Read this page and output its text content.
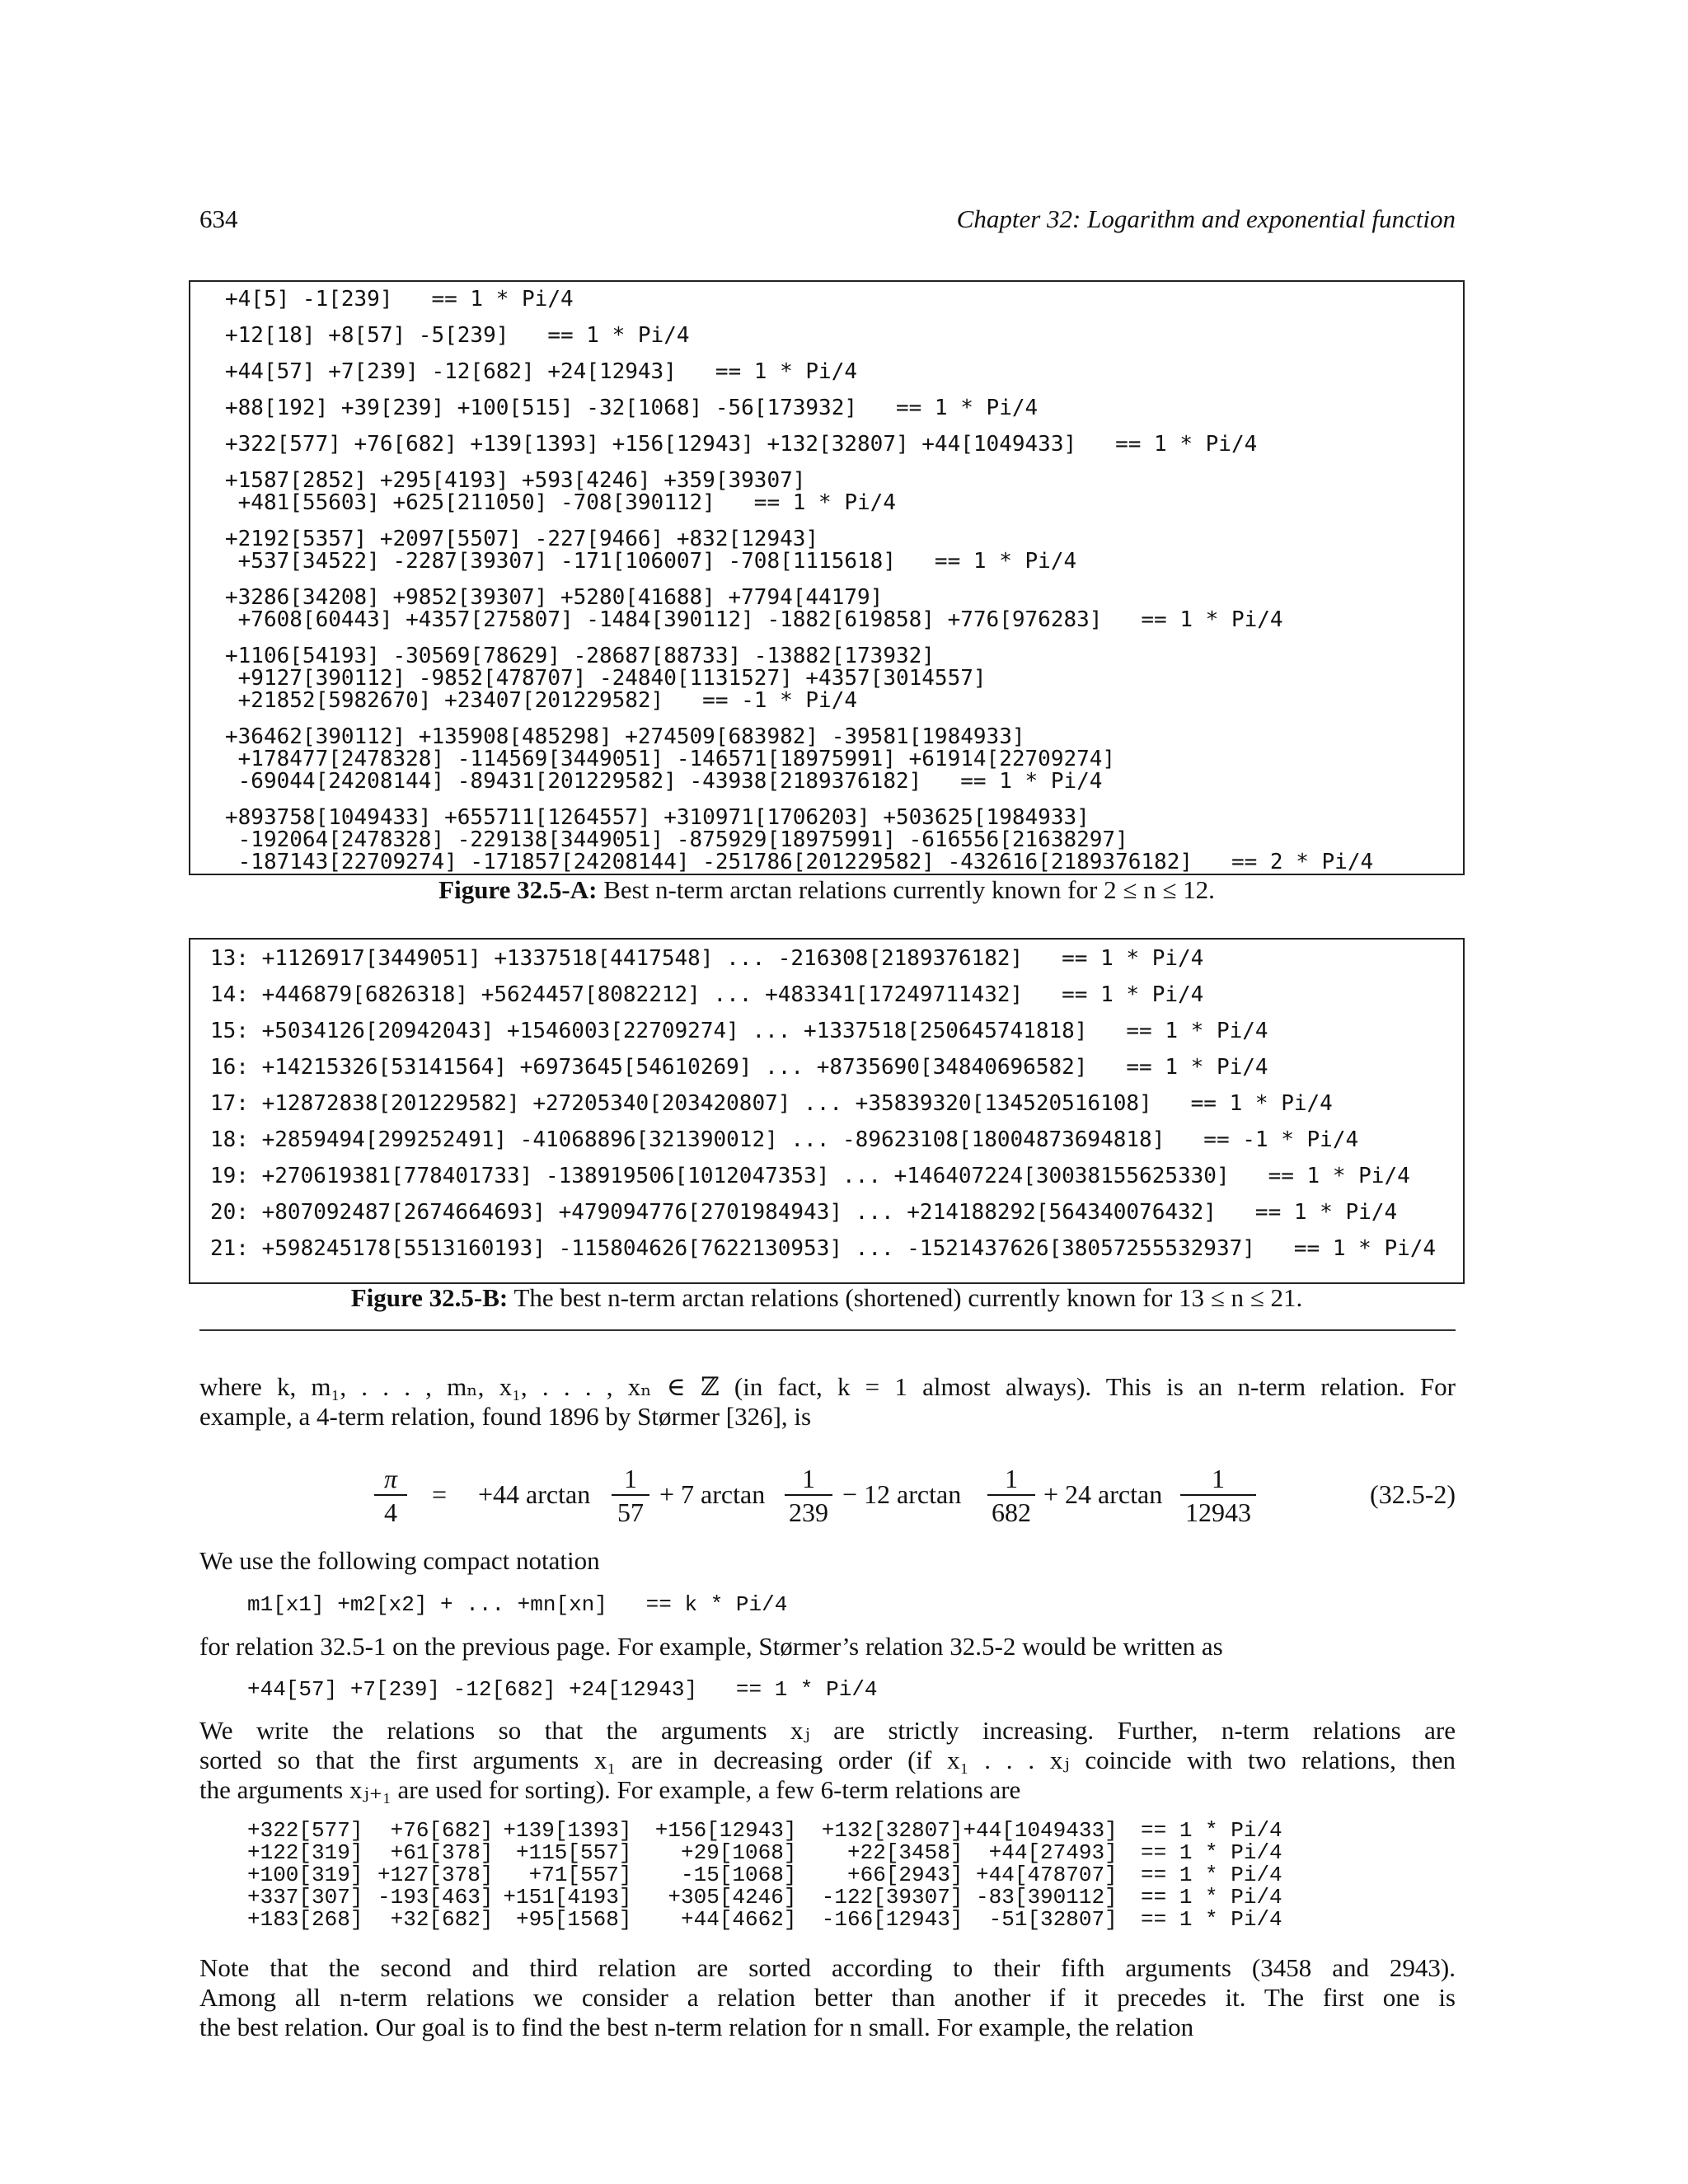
634	Chapter 32: Logarithm and exponential function
+4[5] -1[239]   == 1 * Pi/4
+12[18] +8[57] -5[239]   == 1 * Pi/4
+44[57] +7[239] -12[682] +24[12943]   == 1 * Pi/4
+88[192] +39[239] +100[515] -32[1068] -56[173932]   == 1 * Pi/4
+322[577] +76[682] +139[1393] +156[12943] +132[32807] +44[1049433]   == 1 * Pi/4
+1587[2852] +295[4193] +593[4246] +359[39307]
+481[55603] +625[211050] -708[390112]   == 1 * Pi/4
+2192[5357] +2097[5507] -227[9466] +832[12943]
+537[34522] -2287[39307] -171[106007] -708[1115618]   == 1 * Pi/4
+3286[34208] +9852[39307] +5280[41688] +7794[44179]
+7608[60443] +4357[275807] -1484[390112] -1882[619858] +776[976283]   == 1 * Pi/4
+1106[54193] -30569[78629] -28687[88733] -13882[173932]
+9127[390112] -9852[478707] -24840[1131527] +4357[3014557]
+21852[5982670] +23407[201229582]   == -1 * Pi/4
+36462[390112] +135908[485298] +274509[683982] -39581[1984933]
+178477[2478328] -114569[3449051] -146571[18975991] +61914[22709274]
-69044[24208144] -89431[201229582] -43938[2189376182]   == 1 * Pi/4
+893758[1049433] +655711[1264557] +310971[1706203] +503625[1984933]
-192064[2478328] -229138[3449051] -875929[18975991] -616556[21638297]
-187143[22709274] -171857[24208144] -251786[201229582] -432616[2189376182]   == 2 * Pi/4
Figure 32.5-A: Best n-term arctan relations currently known for 2 ≤ n ≤ 12.
13: +1126917[3449051] +1337518[4417548] ... -216308[2189376182]   == 1 * Pi/4
14: +446879[6826318] +5624457[8082212] ... +483341[17249711432]   == 1 * Pi/4
15: +5034126[20942043] +1546003[22709274] ... +1337518[250645741818]   == 1 * Pi/4
16: +14215326[53141564] +6973645[54610269] ... +8735690[34840696582]   == 1 * Pi/4
17: +12872838[201229582] +27205340[203420807] ... +35839320[134520516108]   == 1 * Pi/4
18: +2859494[299252491] -41068896[321390012] ... -89623108[18004873694818]   == -1 * Pi/4
19: +270619381[778401733] -138919506[1012047353] ... +146407224[30038155625330]   == 1 * Pi/4
20: +807092487[2674664693] +479094776[2701984943] ... +214188292[564340076432]   == 1 * Pi/4
21: +598245178[5513160193] -115804626[7622130953] ... -1521437626[38057255532937]   == 1 * Pi/4
Figure 32.5-B: The best n-term arctan relations (shortened) currently known for 13 ≤ n ≤ 21.

where k, m₁, . . . , mₙ, x₁, . . . , xₙ ∈ ℤ (in fact, k = 1 almost always). This is an n-term relation. For
example, a 4-term relation, found 1896 by Størmer [326], is

π
4
= +44 arctan
1
57
+ 7 arctan
1
239
− 12 arctan
1
682
+ 24 arctan
1
12943
(32.5-2)

We use the following compact notation

m1[x1] +m2[x2] + ... +mn[xn]   == k * Pi/4

for relation 32.5-1 on the previous page. For example, Størmer’s relation 32.5-2 would be written as

+44[57] +7[239] -12[682] +24[12943]   == 1 * Pi/4

We write the relations so that the arguments xⱼ are strictly increasing. Further, n-term relations are
sorted so that the first arguments x₁ are in decreasing order (if x₁ . . . xⱼ coincide with two relations, then
the arguments xⱼ₊₁ are used for sorting). For example, a few 6-term relations are

+322[577]	+76[682]	+139[1393]	+156[12943]	+132[32807]	+44[1049433]	== 1 * Pi/4
+122[319]	+61[378]	+115[557]	+29[1068]	+22[3458]	+44[27493]	== 1 * Pi/4
+100[319]	+127[378]	+71[557]	-15[1068]	+66[2943]	+44[478707]	== 1 * Pi/4
+337[307]	-193[463]	+151[4193]	+305[4246]	-122[39307]	-83[390112]	== 1 * Pi/4
+183[268]	+32[682]	+95[1568]	+44[4662]	-166[12943]	-51[32807]	== 1 * Pi/4

Note that the second and third relation are sorted according to their fifth arguments (3458 and 2943).
Among all n-term relations we consider a relation better than another if it precedes it. The first one is
the best relation. Our goal is to find the best n-term relation for n small. For example, the relation
